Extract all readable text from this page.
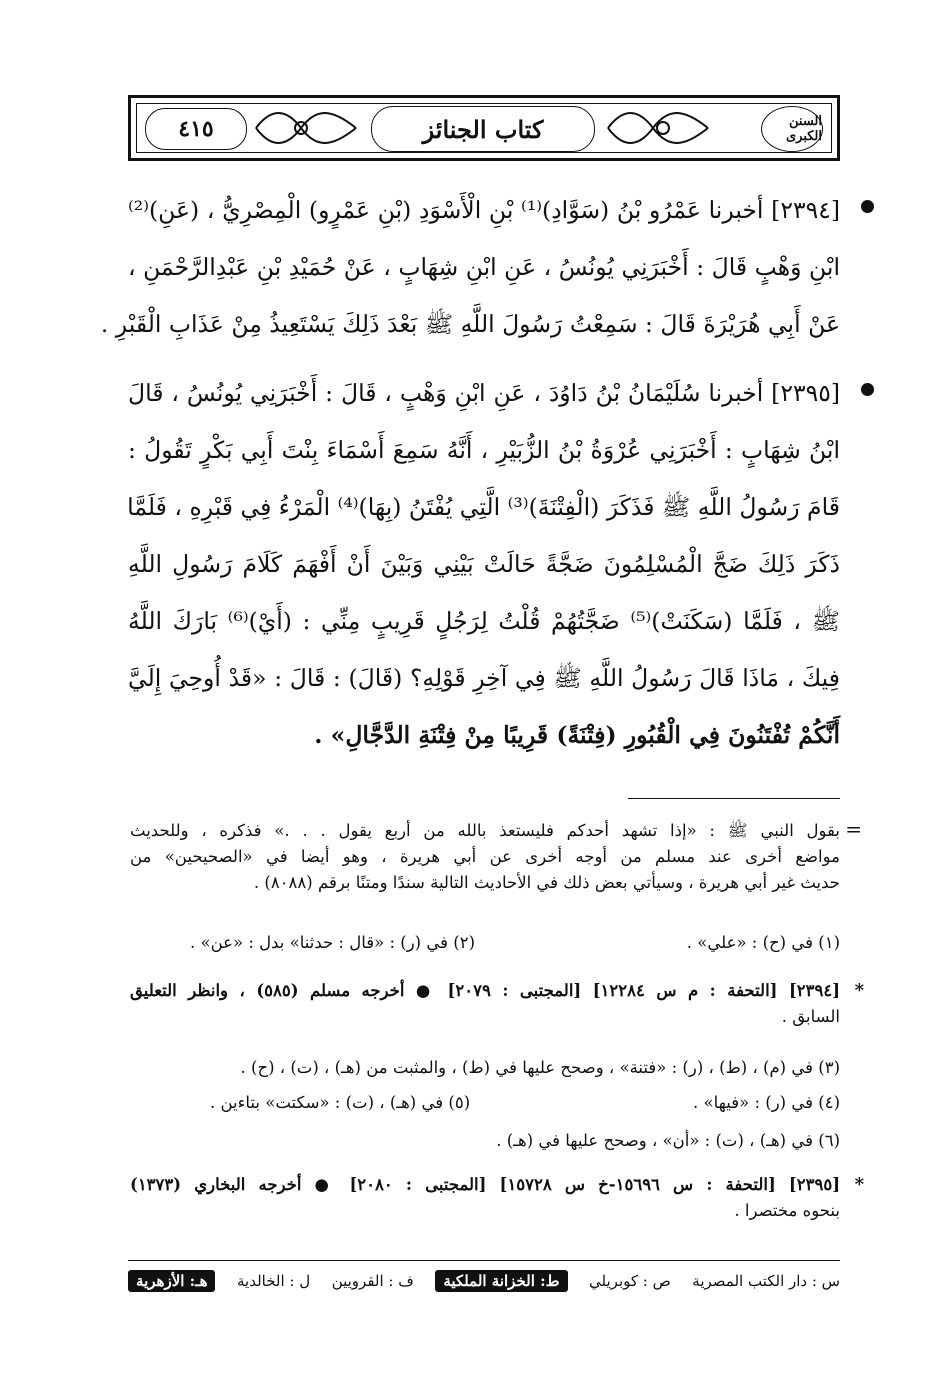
٤١٥	كتاب الجنائز	السنن الكبرى
[٢٣٩٤] أخبرنا عَمْرُو بْنُ (سَوَّادِ)⁽¹⁾ بْنِ الْأَسْوَدِ (بْنِ عَمْرٍو) الْمِصْرِيُّ ، (عَنِ)⁽²⁾
ابْنِ وَهْبٍ قَالَ : أَخْبَرَنِي يُونُسُ ، عَنِ ابْنِ شِهَابٍ ، عَنْ حُمَيْدِ بْنِ عَبْدِالرَّحْمَنِ ،
عَنْ أَبِي هُرَيْرَةَ قَالَ : سَمِعْتُ رَسُولَ اللَّهِ ﷺ بَعْدَ ذَلِكَ يَسْتَعِيذُ مِنْ عَذَابِ الْقَبْرِ .
[٢٣٩٥] أخبرنا سُلَيْمَانُ بْنُ دَاوُدَ ، عَنِ ابْنِ وَهْبٍ ، قَالَ : أَخْبَرَنِي يُونُسُ ، قَالَ
ابْنُ شِهَابٍ : أَخْبَرَنِي عُرْوَةُ بْنُ الزُّبَيْرِ ، أَنَّهُ سَمِعَ أَسْمَاءَ بِنْتَ أَبِي بَكْرٍ تَقُولُ :
قَامَ رَسُولُ اللَّهِ ﷺ فَذَكَرَ (الْفِتْنَةَ)⁽³⁾ الَّتِي يُفْتَنُ (بِهَا)⁽⁴⁾ الْمَرْءُ فِي قَبْرِهِ ، فَلَمَّا
ذَكَرَ ذَلِكَ ضَجَّ الْمُسْلِمُونَ ضَجَّةً حَالَتْ بَيْنِي وَبَيْنَ أَنْ أَفْهَمَ كَلَامَ رَسُولِ اللَّهِ
ﷺ ، فَلَمَّا (سَكَنَتْ)⁽⁵⁾ ضَجَّتُهُمْ قُلْتُ لِرَجُلٍ قَرِيبٍ مِنِّي : (أَيْ)⁽⁶⁾ بَارَكَ اللَّهُ
فِيكَ ، مَاذَا قَالَ رَسُولُ اللَّهِ ﷺ فِي آخِرِ قَوْلِهِ؟ (قَالَ) : قَالَ : «قَدْ أُوحِيَ إِلَيَّ
أَنَّكُمْ تُفْتَنُونَ فِي الْقُبُورِ (فِتْنَةً) قَرِيبًا مِنْ فِتْنَةِ الدَّجَّالِ» .
=
بقول النبي ﷺ : «إذا تشهد أحدكم فليستعذ بالله من أربع يقول . . .» فذكره ، وللحديث
مواضع أخرى عند مسلم من أوجه أخرى عن أبي هريرة ، وهو أيضا في «الصحيحين» من
حديث غير أبي هريرة ، وسيأتي بعض ذلك في الأحاديث التالية سندًا ومتنًا برقم (٨٠٨٨) .
(١) في (ح) : «علي» .
(٢) في (ر) : «قال : حدثنا» بدل : «عن» .
*
[٢٣٩٤] [التحفة : م س ١٢٢٨٤] [المجتبى : ٢٠٧٩] ● أخرجه مسلم (٥٨٥) ، وانظر التعليق
السابق .
(٣) في (م) ، (ط) ، (ر) : «فتنة» ، وصحح عليها في (ط) ، والمثبت من (هـ) ، (ت) ، (ح) .
(٤) في (ر) : «فيها» .
(٥) في (هـ) ، (ت) : «سكتت» بتاءين .
(٦) في (هـ) ، (ت) : «أن» ، وصحح عليها في (هـ) .
*
[٢٣٩٥] [التحفة : س ١٥٦٩٦-خ س ١٥٧٢٨] [المجتبى : ٢٠٨٠] ● أخرجه البخاري (١٣٧٣)
بنحوه مختصرا .
س : دار الكتب المصرية
ص : كوبريلي
ط: الخزانة الملكية
ف : القرويين
ل : الخالدية
هـ: الأزهرية
